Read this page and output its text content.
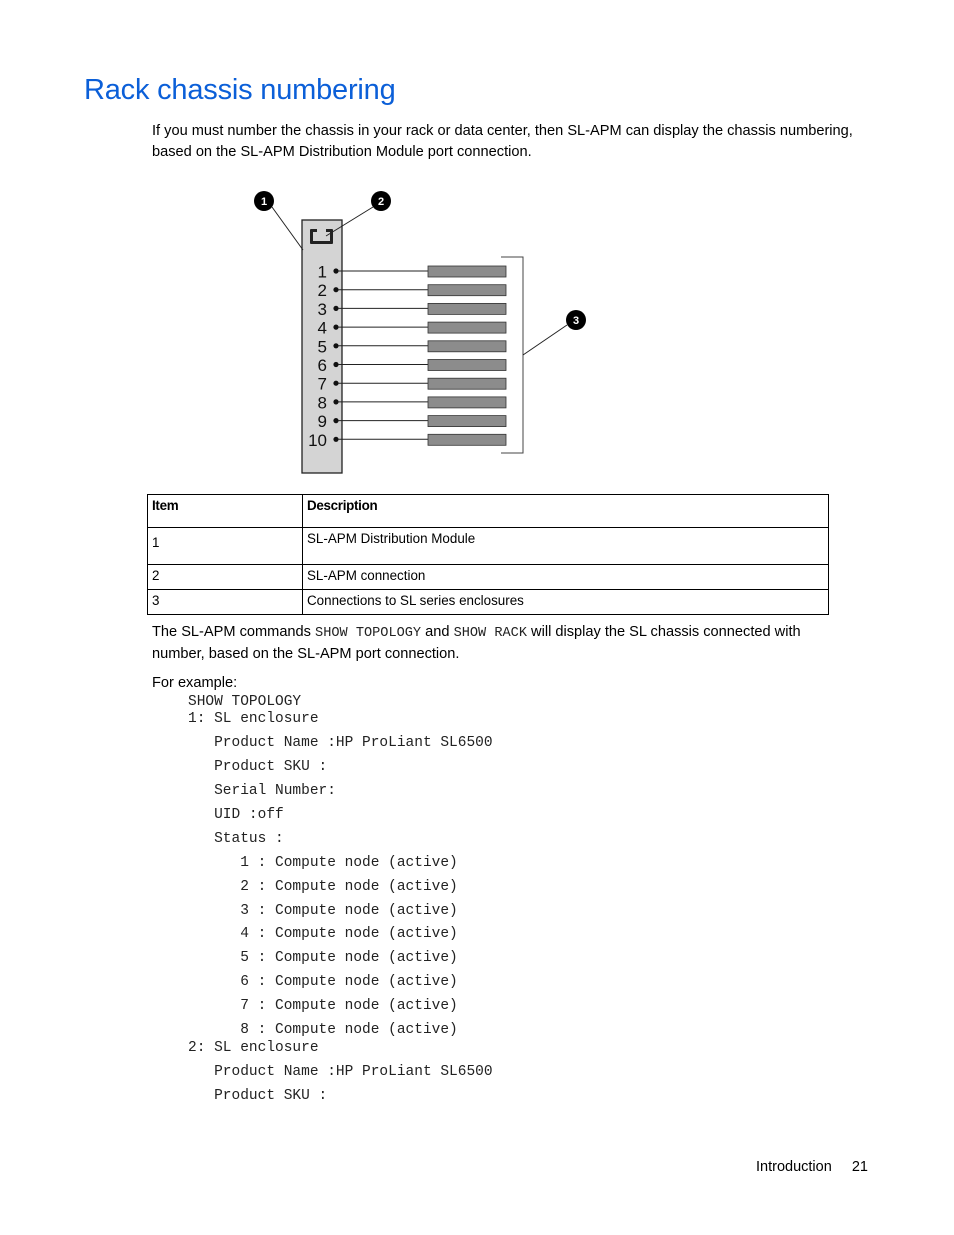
Rack chassis numbering

If you must number the chassis in your rack or data center, then SL-APM can display the chassis numbering, based on the SL-APM Distribution Module port connection.

1
2
3
4
5
6
7
8
9
10
1	2
3
Item	Description
1	SL-APM Distribution Module
2	SL-APM connection
3	Connections to SL series enclosures

The SL-APM commands SHOW TOPOLOGY and SHOW RACK will display the SL chassis connected with number, based on the SL-APM port connection.

For example:

SHOW TOPOLOGY
1: SL enclosure
Product Name :HP ProLiant SL6500
Product SKU :
Serial Number:
UID :off
Status :
1 : Compute node (active)
2 : Compute node (active)
3 : Compute node (active)
4 : Compute node (active)
5 : Compute node (active)
6 : Compute node (active)
7 : Compute node (active)
8 : Compute node (active)
2: SL enclosure
Product Name :HP ProLiant SL6500
Product SKU :
Introduction 21
